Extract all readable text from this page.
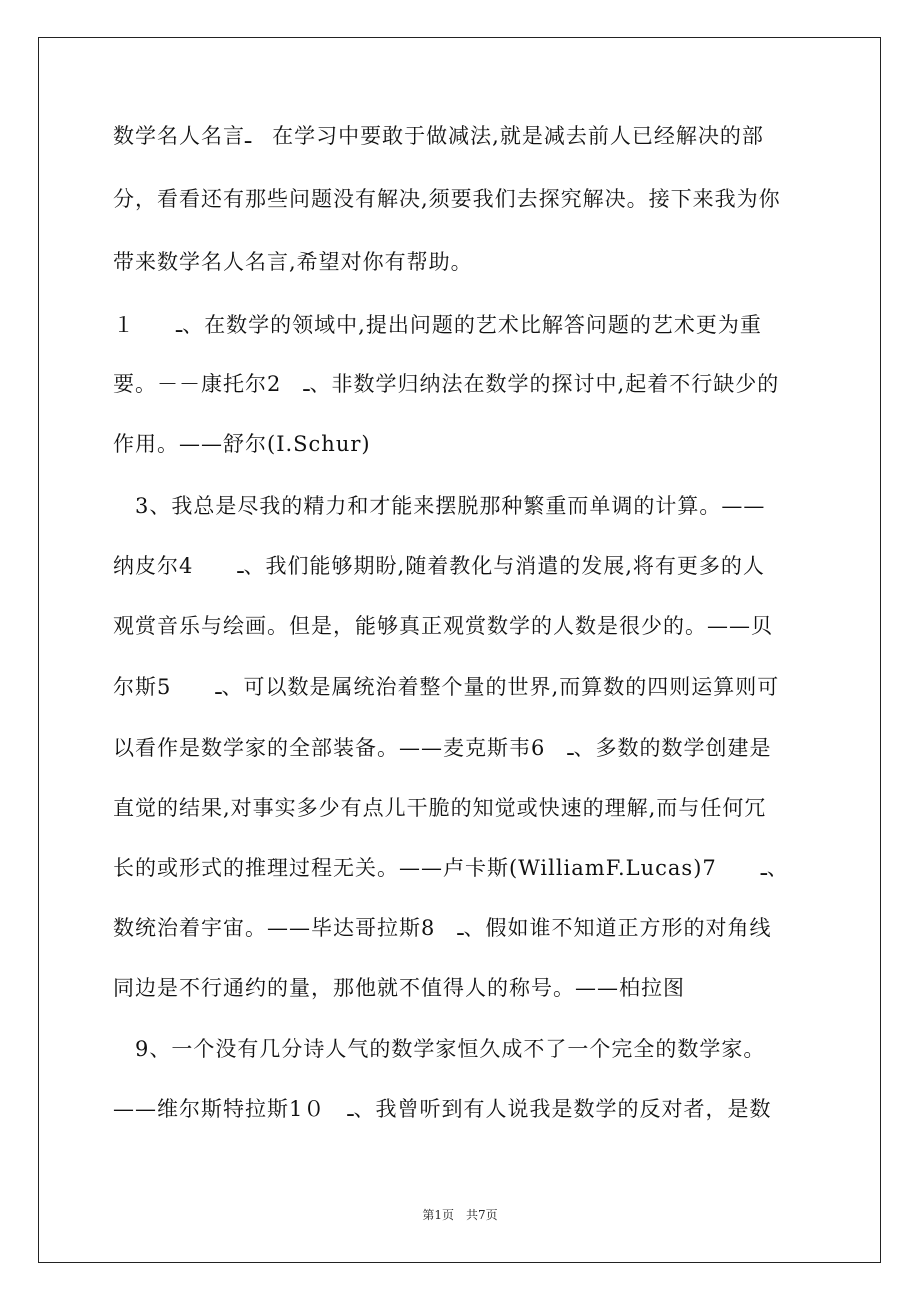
数学名人名言ـ　在学习中要敢于做减法,就是减去前人已经解决的部
分，看看还有那些问题没有解决,须要我们去探究解决。接下来我为你
带来数学名人名言,希望对你有帮助。
１　　ـ、在数学的领域中,提出问题的艺术比解答问题的艺术更为重
要。－－康托尔2　ـ、非数学归纳法在数学的探讨中,起着不行缺少的
作用。——舒尔(I.Schur)
　3、我总是尽我的精力和才能来摆脱那种繁重而单调的计算。——
纳皮尔4　　ـ、我们能够期盼,随着教化与消遣的发展,将有更多的人
观赏音乐与绘画。但是，能够真正观赏数学的人数是很少的。——贝
尔斯5　　ـ、可以数是属统治着整个量的世界,而算数的四则运算则可
以看作是数学家的全部装备。——麦克斯韦6　ـ、多数的数学创建是
直觉的结果,对事实多少有点儿干脆的知觉或快速的理解,而与任何冗
长的或形式的推理过程无关。——卢卡斯(WilliamF.Lucas)7　　ـ、
数统治着宇宙。——毕达哥拉斯8　ـ、假如谁不知道正方形的对角线
同边是不行通约的量，那他就不值得人的称号。——柏拉图
　9、一个没有几分诗人气的数学家恒久成不了一个完全的数学家。
——维尔斯特拉斯1０　ـ、我曾听到有人说我是数学的反对者，是数
第1页　共7页
